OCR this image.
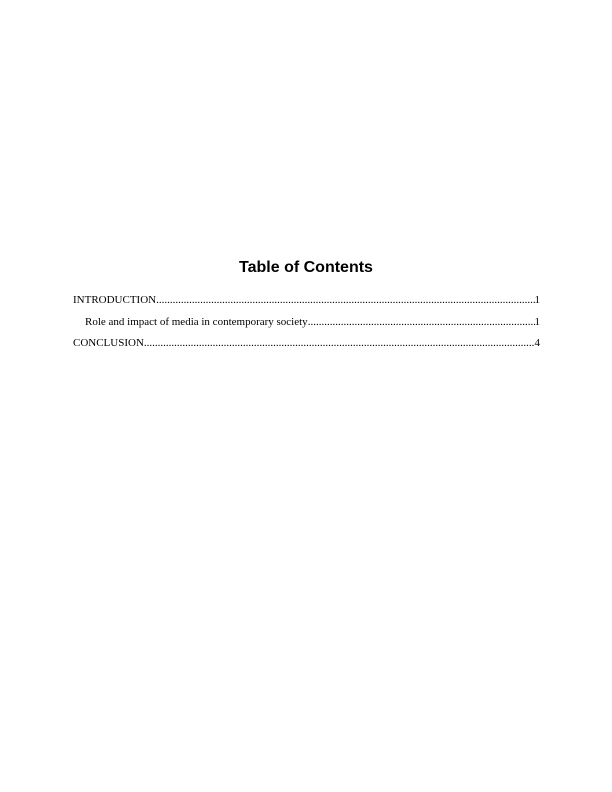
Table of Contents
INTRODUCTION .....	1
Role and impact of media in contemporary society .....	1
CONCLUSION .....	4
